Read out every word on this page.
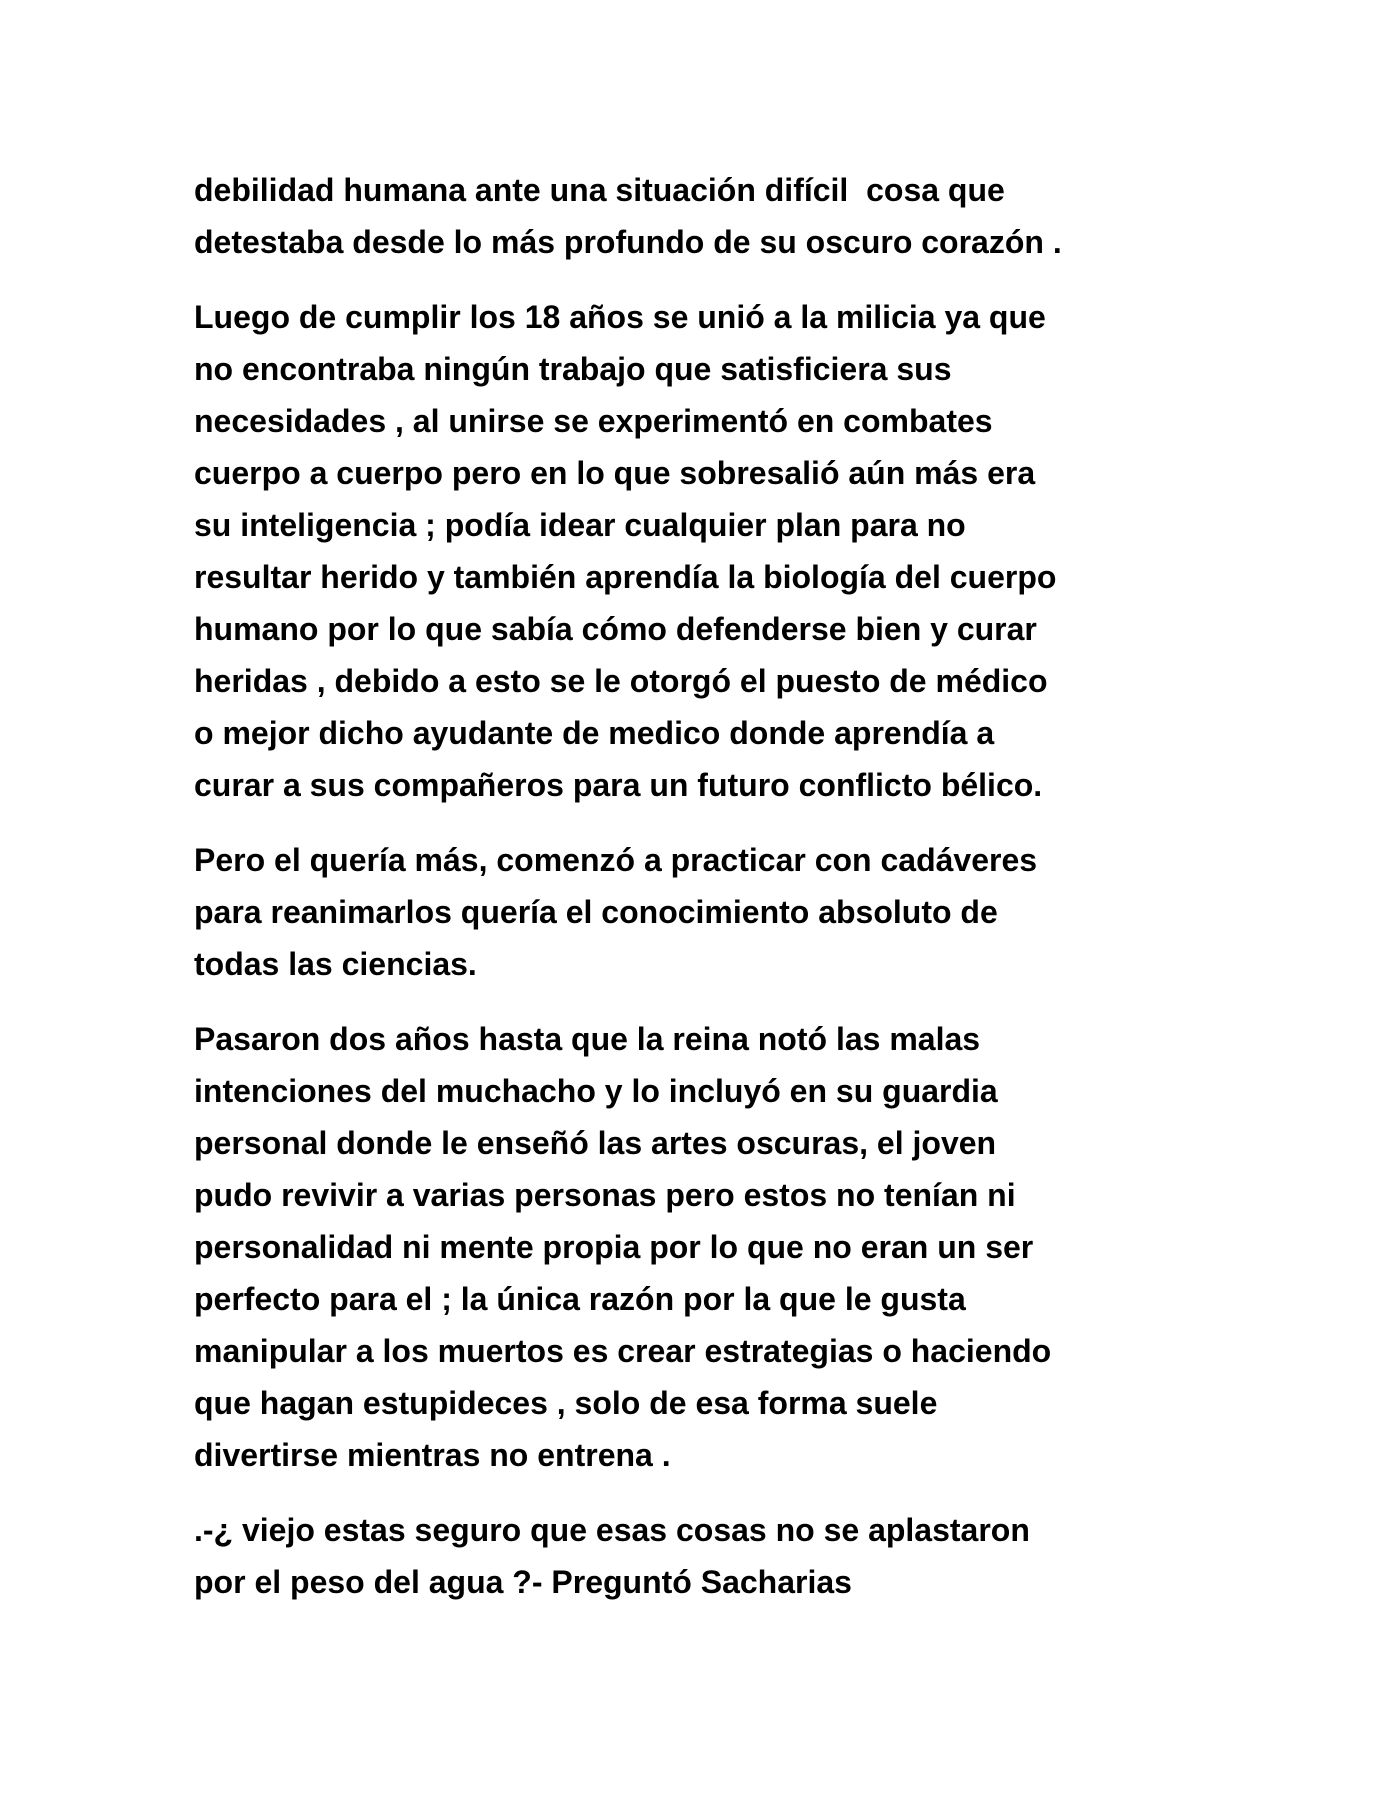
debilidad humana ante una situación difícil  cosa que
detestaba desde lo más profundo de su oscuro corazón .

Luego de cumplir los 18 años se unió a la milicia ya que
no encontraba ningún trabajo que satisficiera sus
necesidades , al unirse se experimentó en combates
cuerpo a cuerpo pero en lo que sobresalió aún más era
su inteligencia ; podía idear cualquier plan para no
resultar herido y también aprendía la biología del cuerpo
humano por lo que sabía cómo defenderse bien y curar
heridas , debido a esto se le otorgó el puesto de médico
o mejor dicho ayudante de medico donde aprendía a
curar a sus compañeros para un futuro conflicto bélico.

Pero el quería más, comenzó a practicar con cadáveres
para reanimarlos quería el conocimiento absoluto de
todas las ciencias.

Pasaron dos años hasta que la reina notó las malas
intenciones del muchacho y lo incluyó en su guardia
personal donde le enseñó las artes oscuras, el joven
pudo revivir a varias personas pero estos no tenían ni
personalidad ni mente propia por lo que no eran un ser
perfecto para el ; la única razón por la que le gusta
manipular a los muertos es crear estrategias o haciendo
que hagan estupideces , solo de esa forma suele
divertirse mientras no entrena .

.-¿ viejo estas seguro que esas cosas no se aplastaron
por el peso del agua ?- Preguntó Sacharias
